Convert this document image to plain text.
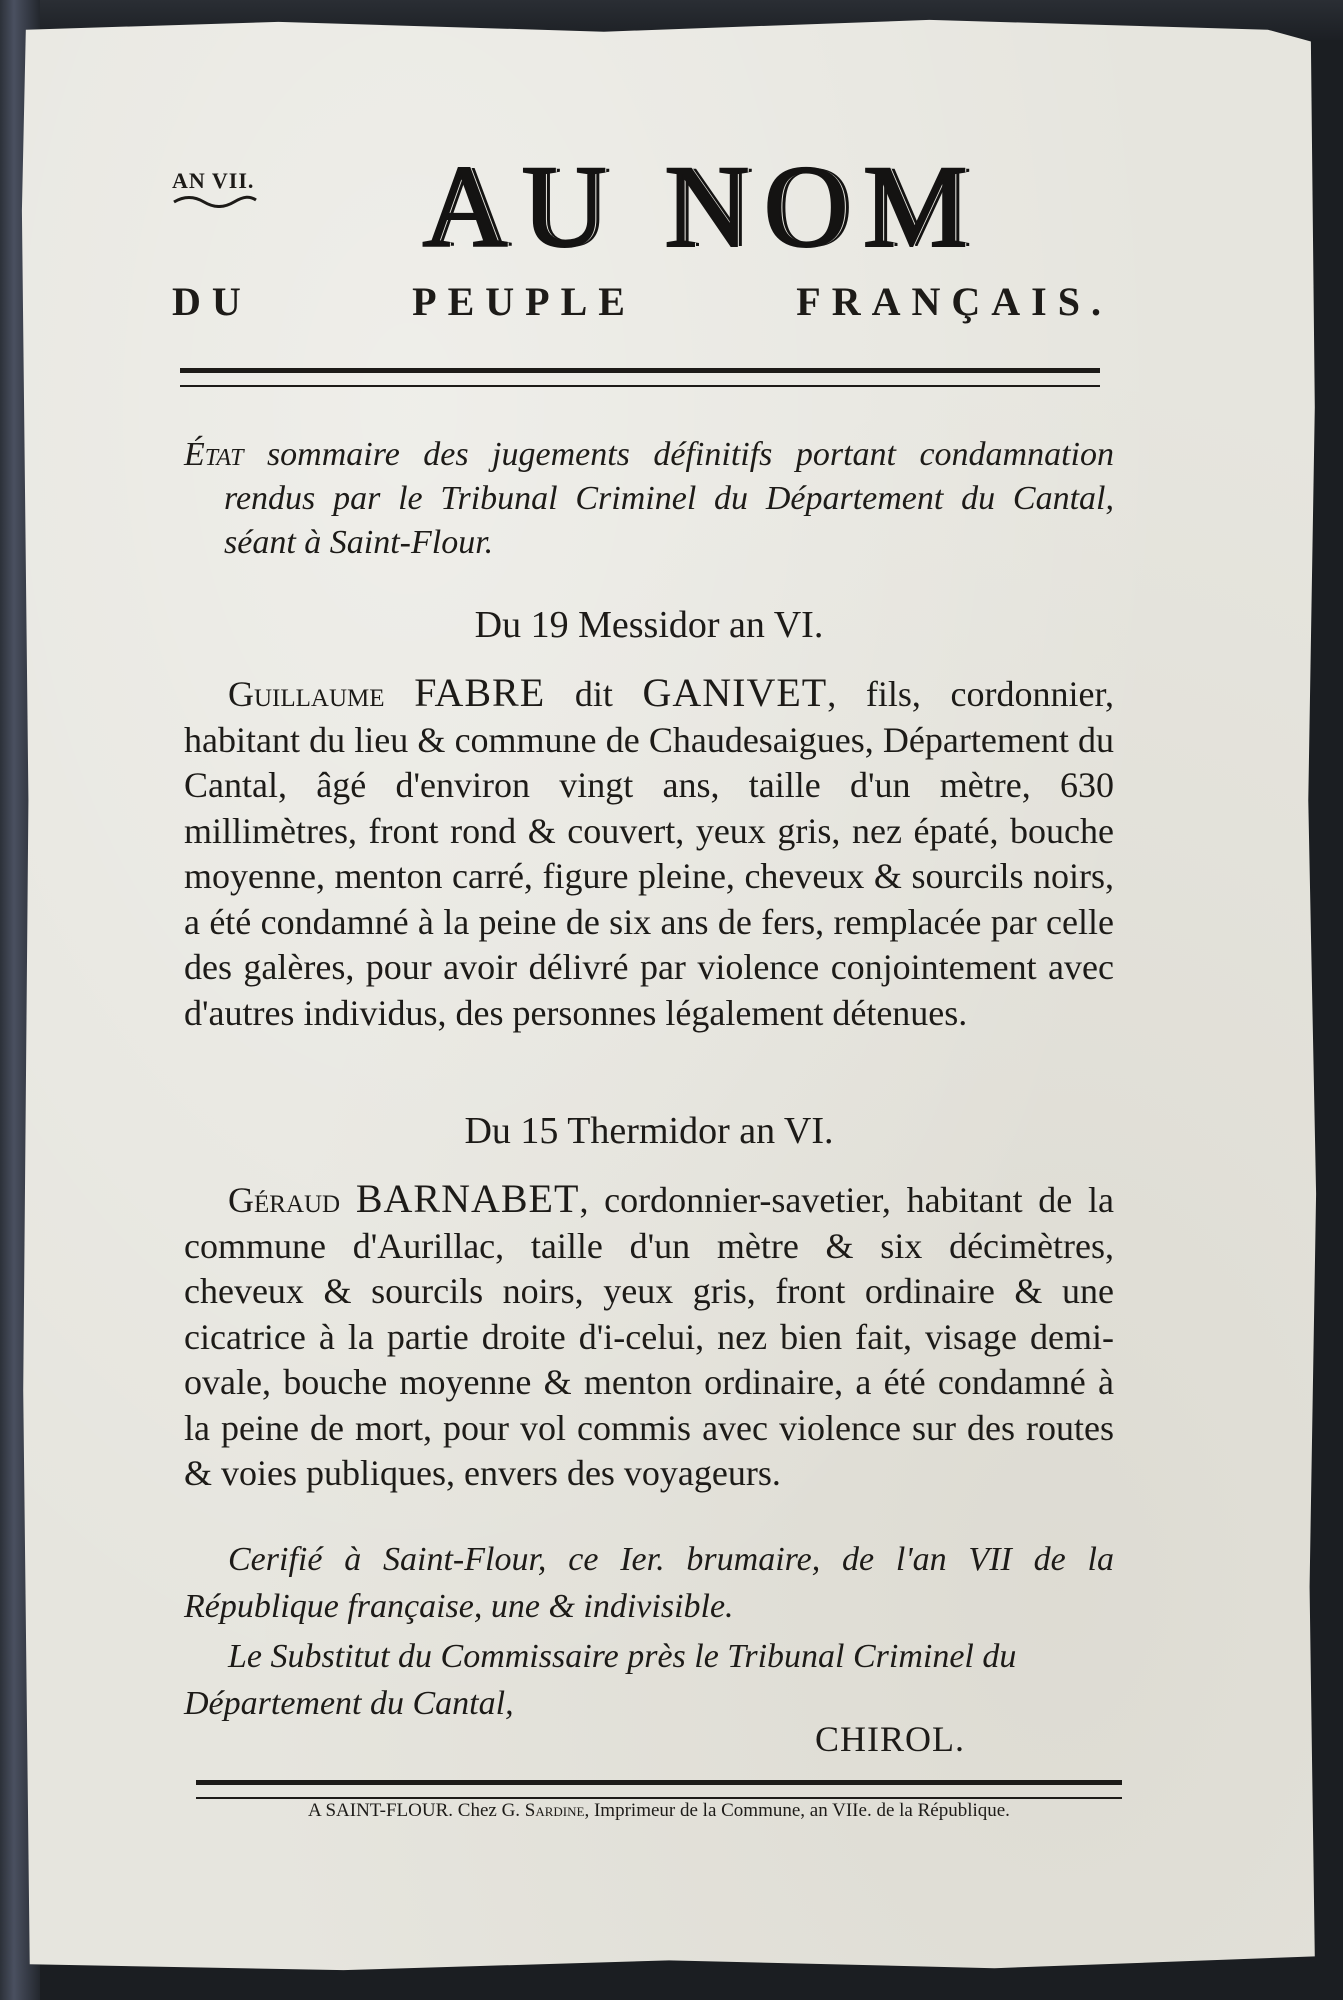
AN VII.	AU NOM
DU	PEUPLE	FRANÇAIS.
État sommaire des jugements définitifs portant condamnation rendus par le Tribunal Criminel du Département du Cantal, séant à Saint-Flour.
Du 19 Messidor an VI.
Guillaume FABRE dit GANIVET, fils, cordonnier, habitant du lieu & commune de Chaudesaigues, Département du Cantal, âgé d'environ vingt ans, taille d'un mètre, 630 millimètres, front rond & couvert, yeux gris, nez épaté, bouche moyenne, menton carré, figure pleine, cheveux & sourcils noirs, a été condamné à la peine de six ans de fers, remplacée par celle des galères, pour avoir délivré par violence conjointement avec d'autres individus, des personnes légalement détenues.
Du 15 Thermidor an VI.
Géraud BARNABET, cordonnier-savetier, habitant de la commune d'Aurillac, taille d'un mètre & six décimètres, cheveux & sourcils noirs, yeux gris, front ordinaire & une cicatrice à la partie droite d'i-celui, nez bien fait, visage demi-ovale, bouche moyenne & menton ordinaire, a été condamné à la peine de mort, pour vol commis avec violence sur des routes & voies publiques, envers des voyageurs.
Cerifié à Saint-Flour, ce Ier. brumaire, de l'an VII de la République française, une & indivisible.
Le Substitut du Commissaire près le Tribunal Criminel du Département du Cantal,
CHIROL.
A SAINT-FLOUR. Chez G. Sardine, Imprimeur de la Commune, an VIIe. de la République.
